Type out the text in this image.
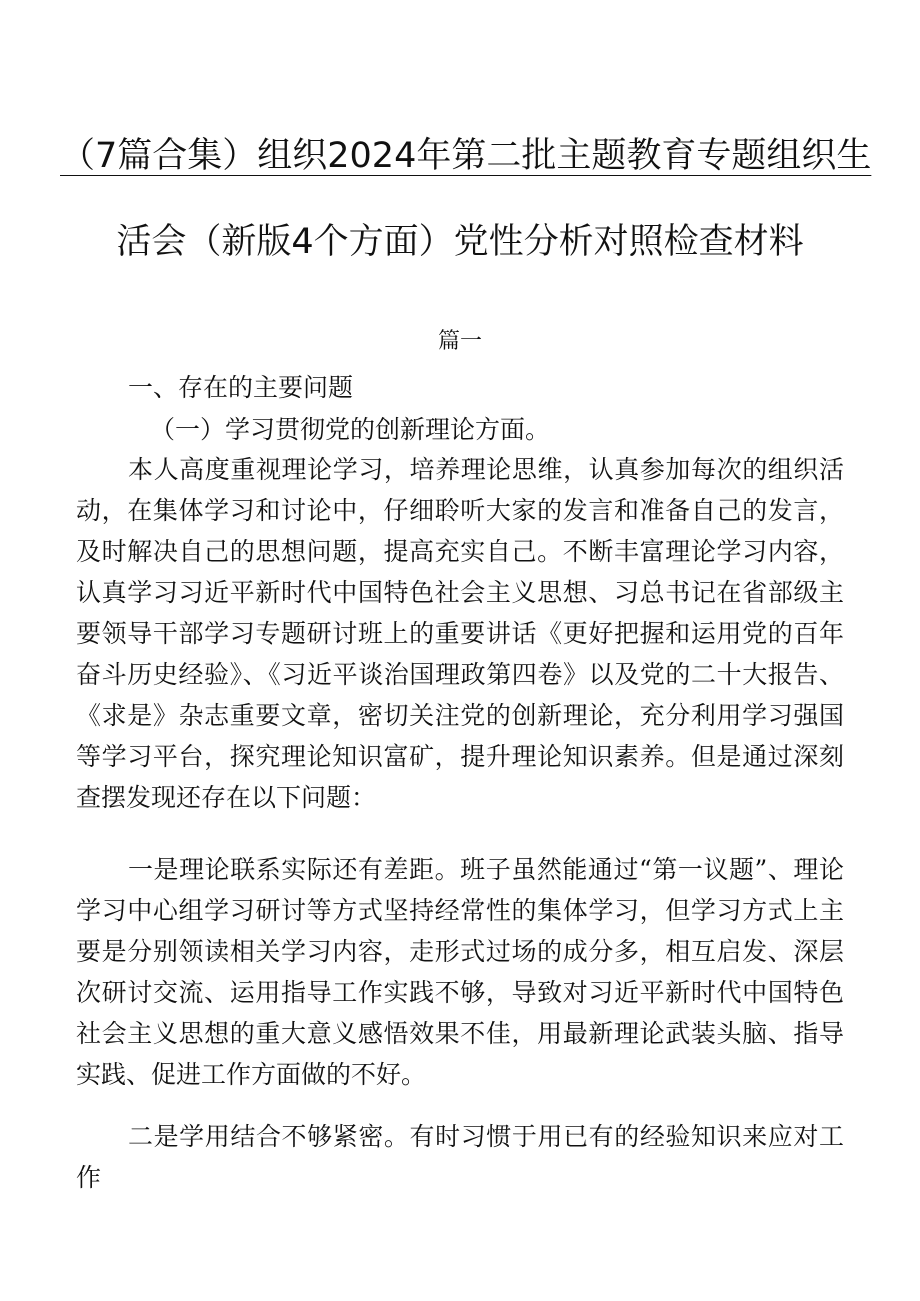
（7篇合集）组织2024年第二批主题教育专题组织生
活会（新版4个方面）党性分析对照检查材料
篇一
一、存在的主要问题
（一）学习贯彻党的创新理论方面。

本人高度重视理论学习，培养理论思维，认真参加每次的组织活动，在集体学习和讨论中，仔细聆听大家的发言和准备自己的发言，及时解决自己的思想问题，提高充实自己。不断丰富理论学习内容，认真学习习近平新时代中国特色社会主义思想、习总书记在省部级主要领导干部学习专题研讨班上的重要讲话《更好把握和运用党的百年奋斗历史经验》、《习近平谈治国理政第四卷》以及党的二十大报告、《求是》杂志重要文章，密切关注党的创新理论，充分利用学习强国等学习平台，探究理论知识富矿，提升理论知识素养。但是通过深刻查摆发现还存在以下问题：

一是理论联系实际还有差距。班子虽然能通过“第一议题”、理论学习中心组学习研讨等方式坚持经常性的集体学习，但学习方式上主要是分别领读相关学习内容，走形式过场的成分多，相互启发、深层次研讨交流、运用指导工作实践不够，导致对习近平新时代中国特色社会主义思想的重大意义感悟效果不佳，用最新理论武装头脑、指导实践、促进工作方面做的不好。

二是学用结合不够紧密。有时习惯于用已有的经验知识来应对工作
